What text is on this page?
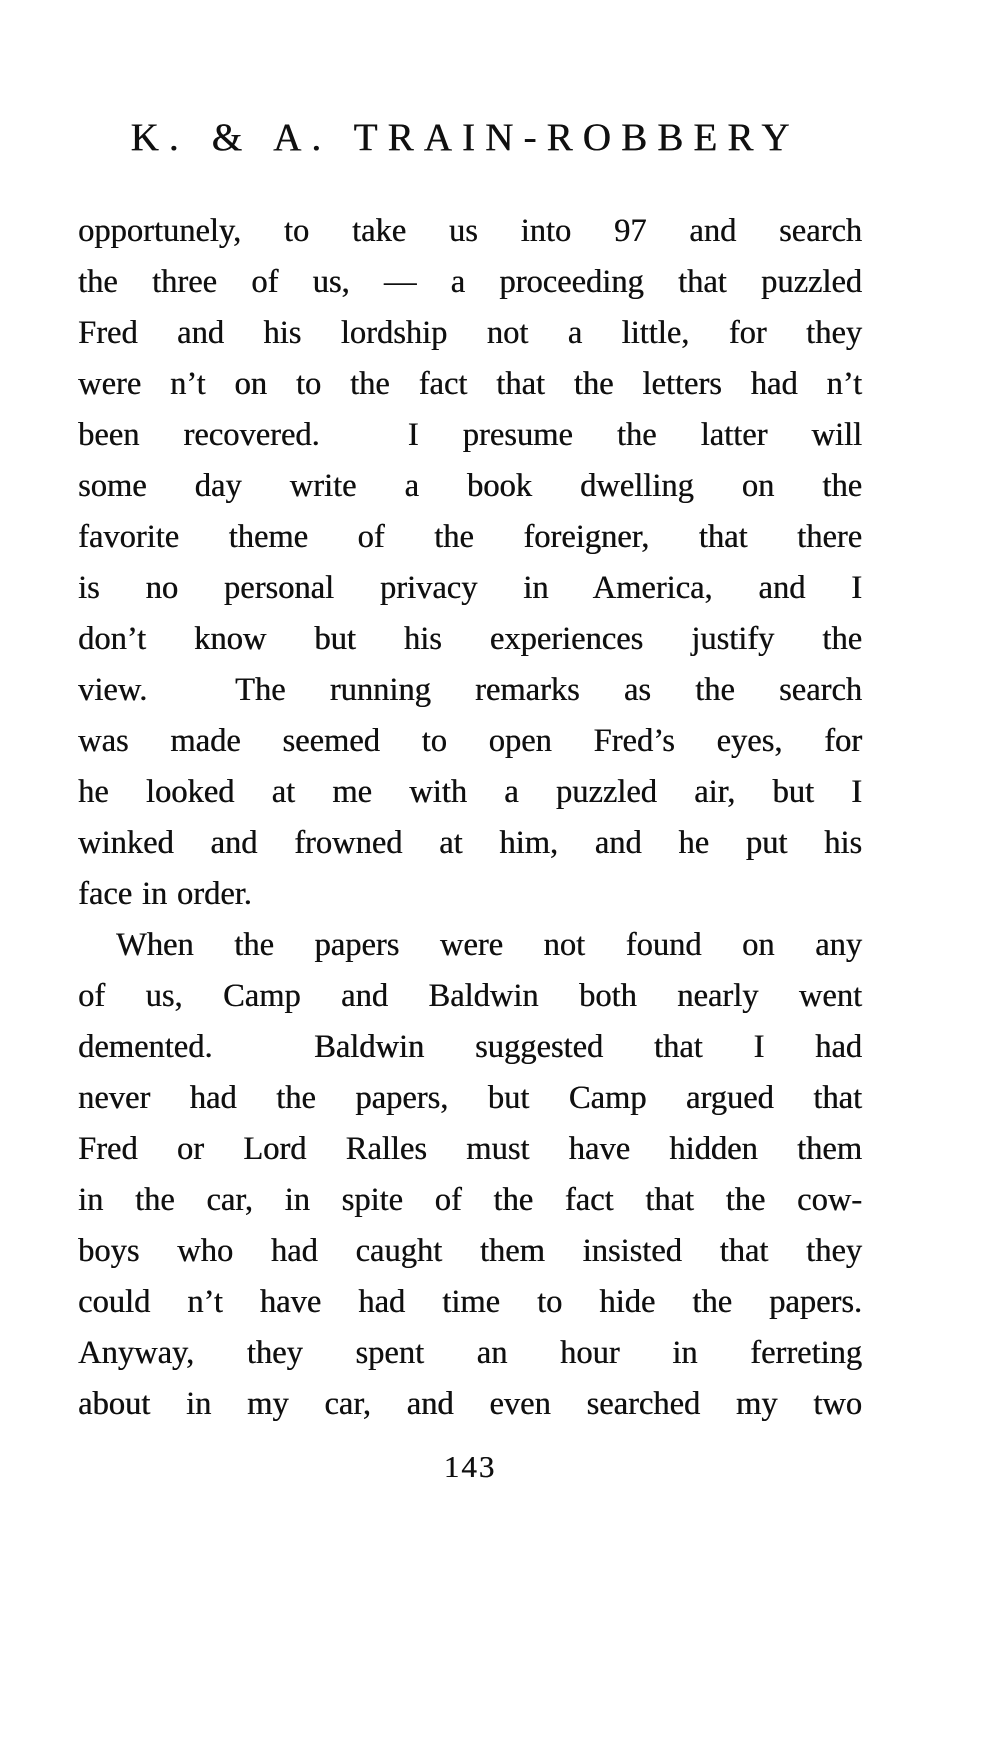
K. & A. TRAIN-ROBBERY
opportunely, to take us into 97 and search
the three of us, — a proceeding that puzzled
Fred and his lordship not a little, for they
were n’t on to the fact that the letters had n’t
been recovered.  I presume the latter will
some day write a book dwelling on the
favorite theme of the foreigner, that there
is no personal privacy in America, and I
don’t know but his experiences justify the
view.  The running remarks as the search
was made seemed to open Fred’s eyes, for
he looked at me with a puzzled air, but I
winked and frowned at him, and he put his
face in order.
When the papers were not found on any
of us, Camp and Baldwin both nearly went
demented.  Baldwin suggested that I had
never had the papers, but Camp argued that
Fred or Lord Ralles must have hidden them
in the car, in spite of the fact that the cow-
boys who had caught them insisted that they
could n’t have had time to hide the papers.
Anyway, they spent an hour in ferreting
about in my car, and even searched my two
143
